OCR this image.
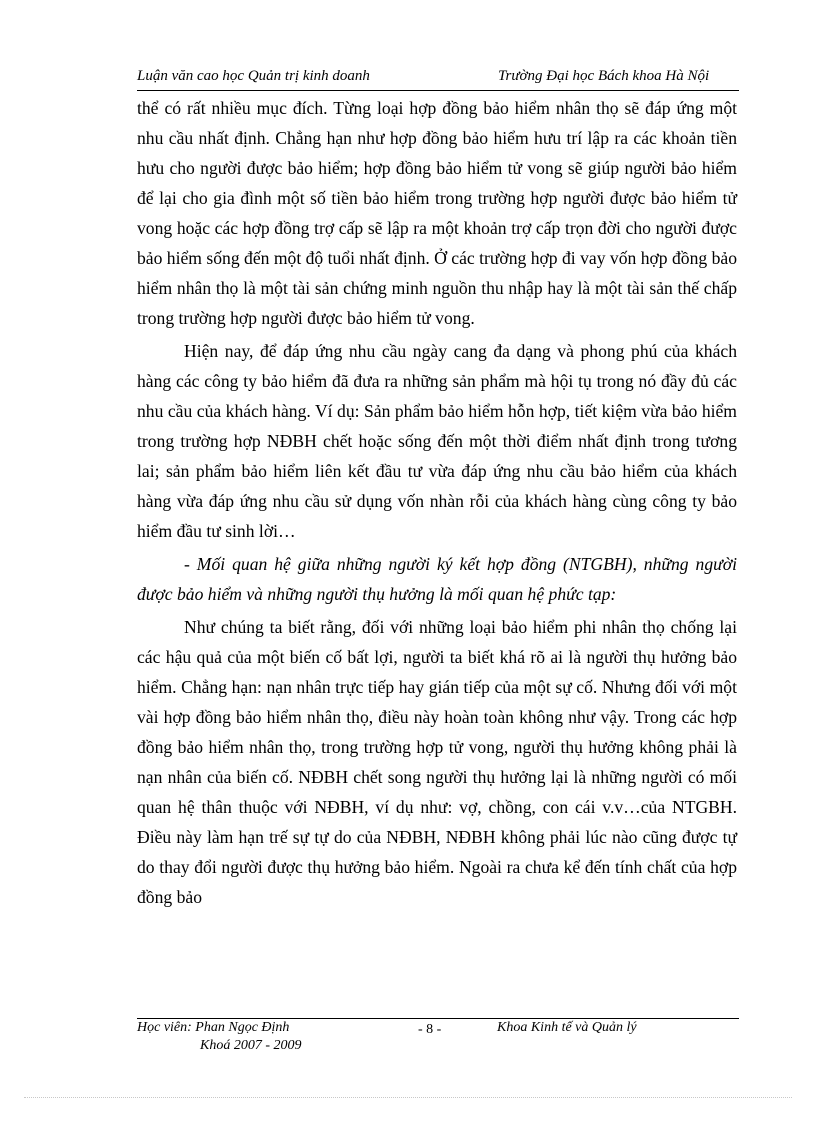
Luận văn cao học Quản trị kinh doanh	Trường Đại học Bách khoa Hà Nội

thể có rất nhiều mục đích. Từng loại hợp đồng bảo hiểm nhân thọ sẽ đáp ứng một nhu cầu nhất định. Chẳng hạn như hợp đồng bảo hiểm hưu trí lập ra các khoản tiền hưu cho người được bảo hiểm; hợp đồng bảo hiểm tử vong sẽ giúp người bảo hiểm để lại cho gia đình một số tiền bảo hiểm trong trường hợp người được bảo hiểm tử vong hoặc các hợp đồng trợ cấp sẽ lập ra một khoản trợ cấp trọn đời cho người được bảo hiểm sống đến một độ tuổi nhất định. Ở các trường hợp đi vay vốn hợp đồng bảo hiểm nhân thọ là một tài sản chứng minh nguồn thu nhập hay là một tài sản thế chấp trong trường hợp người được bảo hiểm tử vong.

Hiện nay, để đáp ứng nhu cầu ngày cang đa dạng và phong phú của khách hàng các công ty bảo hiểm đã đưa ra những sản phẩm mà hội tụ trong nó đầy đủ các nhu cầu của khách hàng. Ví dụ: Sản phẩm bảo hiểm hỗn hợp, tiết kiệm vừa bảo hiểm trong trường hợp NĐBH chết hoặc sống đến một thời điểm nhất định trong tương lai; sản phẩm bảo hiểm liên kết đầu tư vừa đáp ứng nhu cầu bảo hiểm của khách hàng vừa đáp ứng nhu cầu sử dụng vốn nhàn rỗi của khách hàng cùng công ty bảo hiểm đầu tư sinh lời…

- Mối quan hệ giữa những người ký kết hợp đồng (NTGBH), những người được bảo hiểm và những người thụ hưởng là mối quan hệ phức tạp:

Như chúng ta biết rằng, đối với những loại bảo hiểm phi nhân thọ chống lại các hậu quả của một biến cố bất lợi, người ta biết khá rõ ai là người thụ hưởng bảo hiểm. Chẳng hạn: nạn nhân trực tiếp hay gián tiếp của một sự cố. Nhưng đối với một vài hợp đồng bảo hiểm nhân thọ, điều này hoàn toàn không như vậy. Trong các hợp đồng bảo hiểm nhân thọ, trong trường hợp tử vong, người thụ hưởng không phải là nạn nhân của biến cố. NĐBH chết song người thụ hưởng lại là những người có mối quan hệ thân thuộc với NĐBH, ví dụ như: vợ, chồng, con cái v.v…của NTGBH. Điều này làm hạn trế sự tự do của NĐBH, NĐBH không phải lúc nào cũng được tự do thay đổi người được thụ hưởng bảo hiểm. Ngoài ra chưa kể đến tính chất của hợp đồng bảo

Học viên: Phan Ngọc Định
Khoá 2007 - 2009
- 8 -	Khoa Kinh tế và Quản lý
